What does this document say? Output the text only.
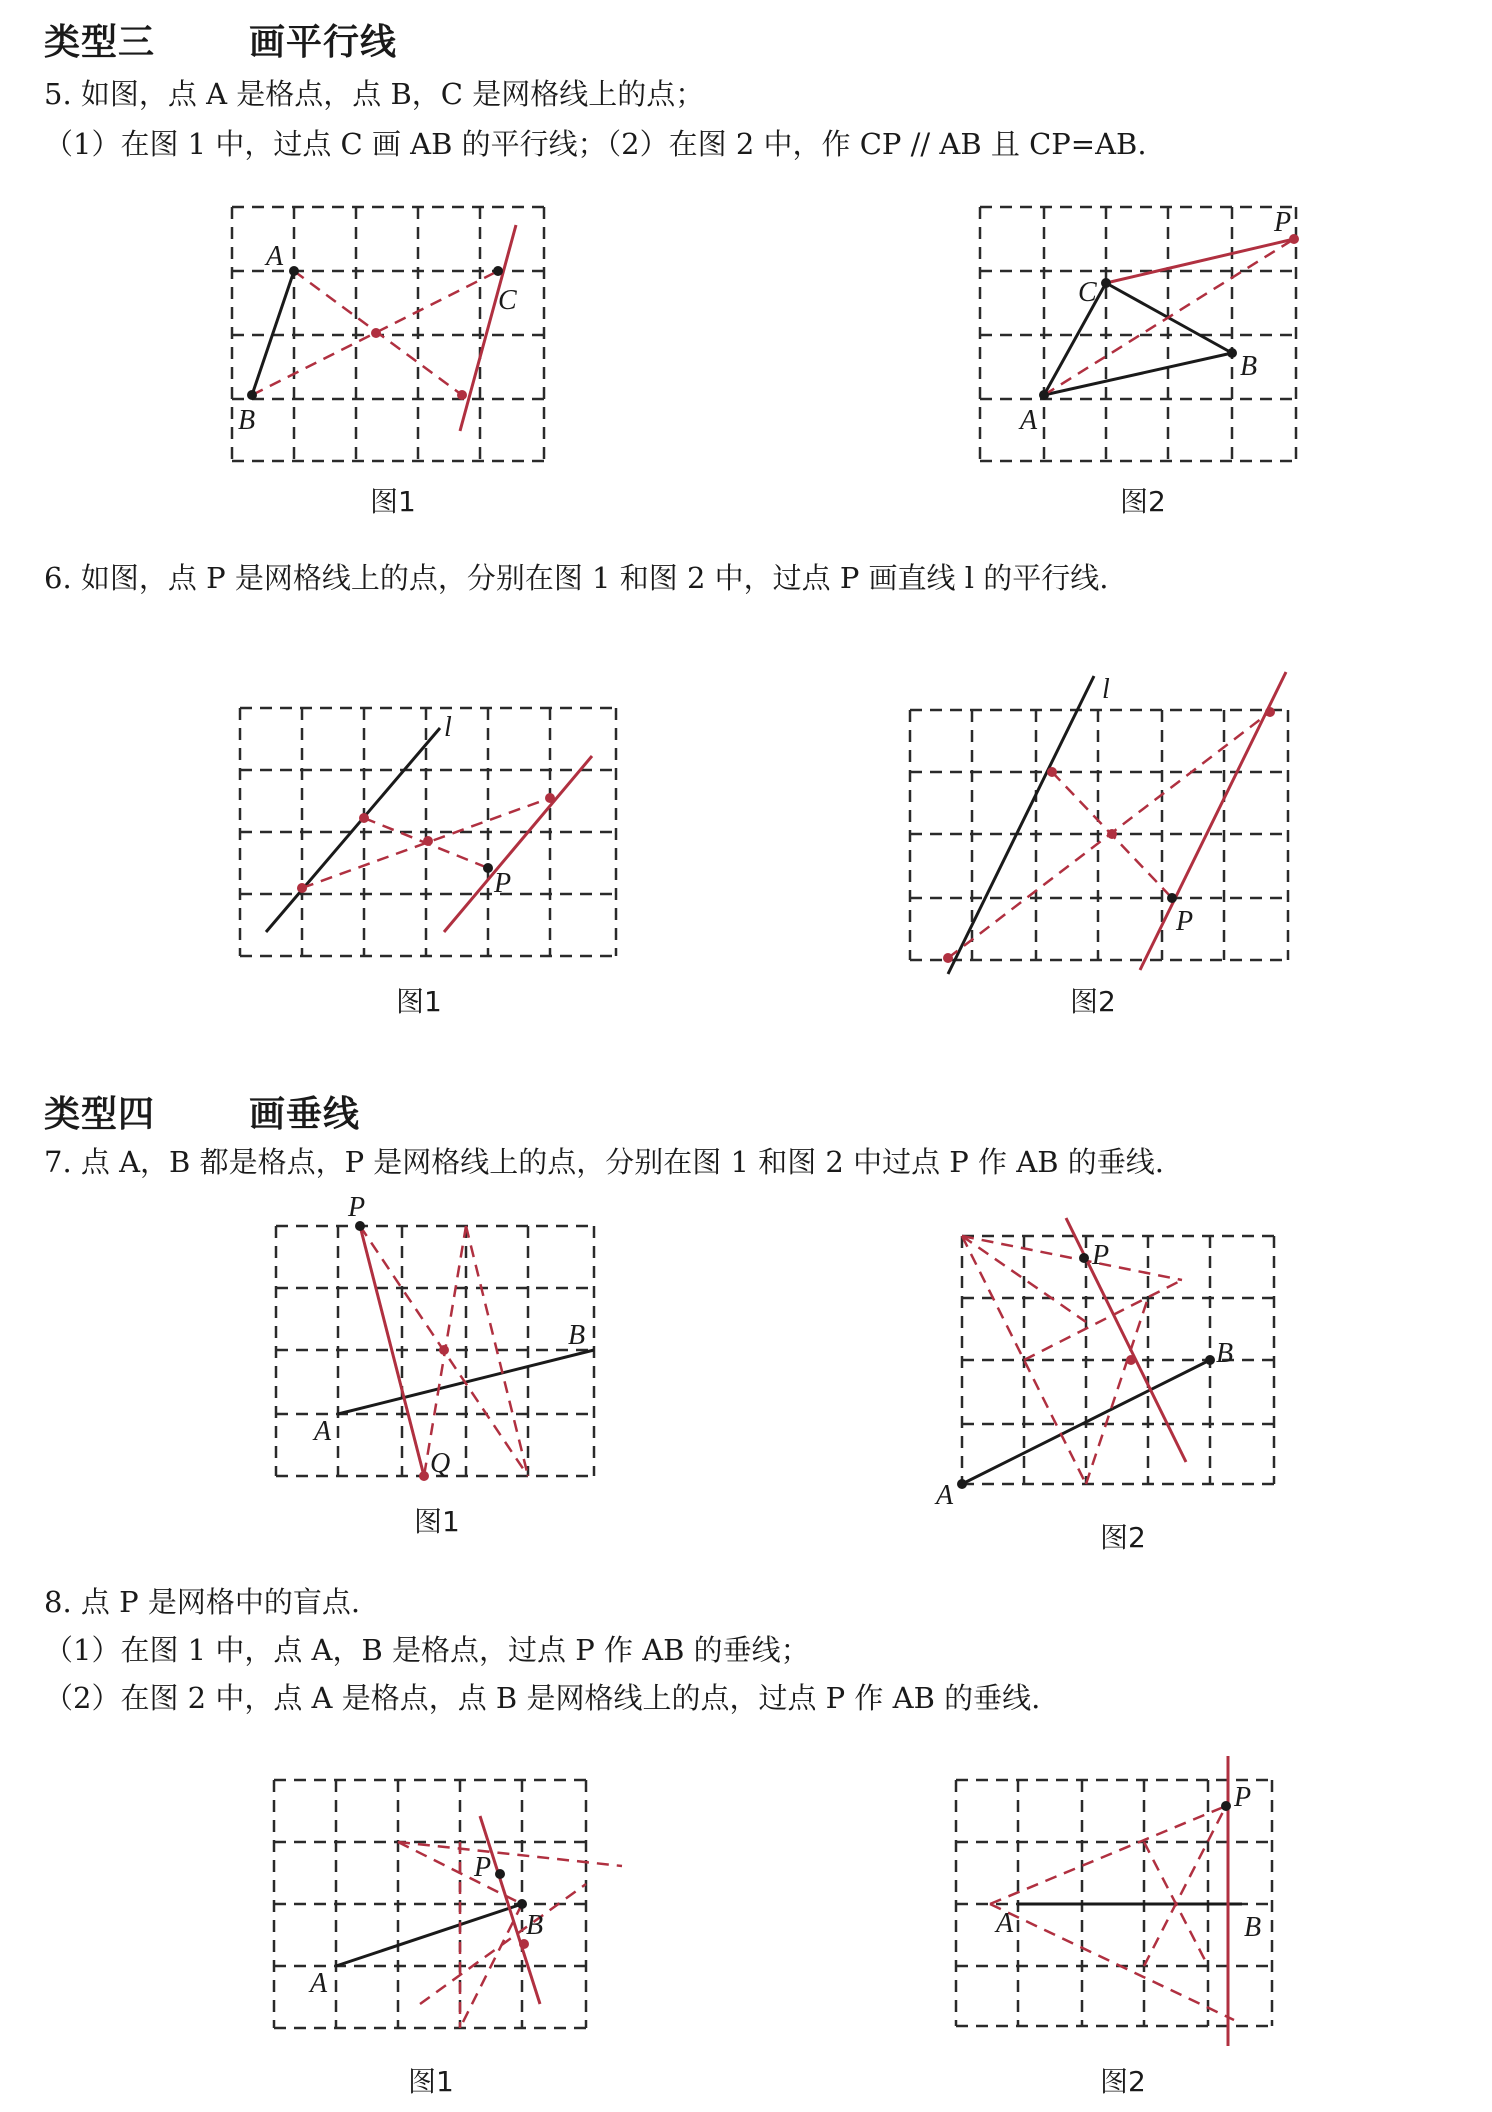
类型三	画平行线
5. 如图，点 A 是格点，点 B，C 是网格线上的点；
（1）在图 1 中，过点 C 画 AB 的平行线；（2）在图 2 中，作 CP // AB 且 CP=AB.
A
B
C
图1
C
B
A
P
图2
6. 如图，点 P 是网格线上的点，分别在图 1 和图 2 中，过点 P 画直线 l 的平行线.
l
P
图1
l
P
图2
类型四	画垂线
7. 点 A，B 都是格点，P 是网格线上的点，分别在图 1 和图 2 中过点 P 作 AB 的垂线.
P
B
A
Q
图1
P
B
A
图2
8. 点 P 是网格中的盲点.
（1）在图 1 中，点 A，B 是格点，过点 P 作 AB 的垂线；
（2）在图 2 中，点 A 是格点，点 B 是网格线上的点，过点 P 作 AB 的垂线.
P
B
A
图1
P
A	B
图2
